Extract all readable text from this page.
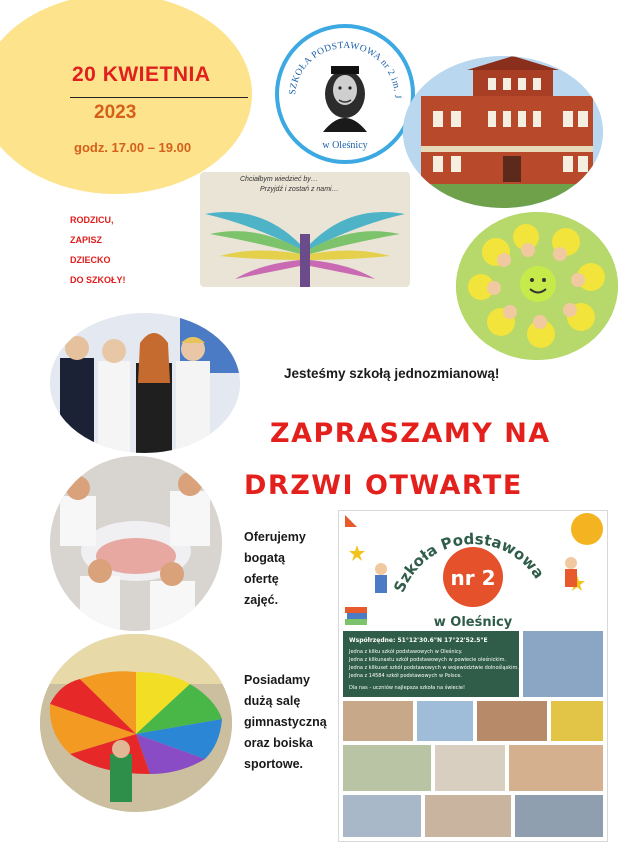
20 KWIETNIA
2023
godz. 17.00 – 19.00
RODZICU,
ZAPISZ
DZIECKO
DO SZKOŁY!
SZKOŁA PODSTAWOWA nr 2 im. J
w Oleśnicy
Chciałbym wiedzieć by…
Przyjdź i zostań z nami…
Jesteśmy szkołą jednozmianową!
ZAPRASZAMY NA
DRZWI OTWARTE
Oferujemy
bogatą
ofertę
zajęć.
Posiadamy
dużą salę
gimnastyczną
oraz boiska
sportowe.
nr 2
Szkoła Podstawowa
w Oleśnicy
Współrzędne: 51°12'30.6"N 17°22'52.5"E
Jedna z kilku szkół podstawowych w Oleśnicy.
Jedna z kilkunastu szkół podstawowych w powiecie oleśnickim.
Jedna z kilkuset szkół podstawowych w województwie dolnośląskim.
Jedna z 14584 szkół podstawowych w Polsce.
Dla nas - uczniów najlepsza szkoła na świecie!
